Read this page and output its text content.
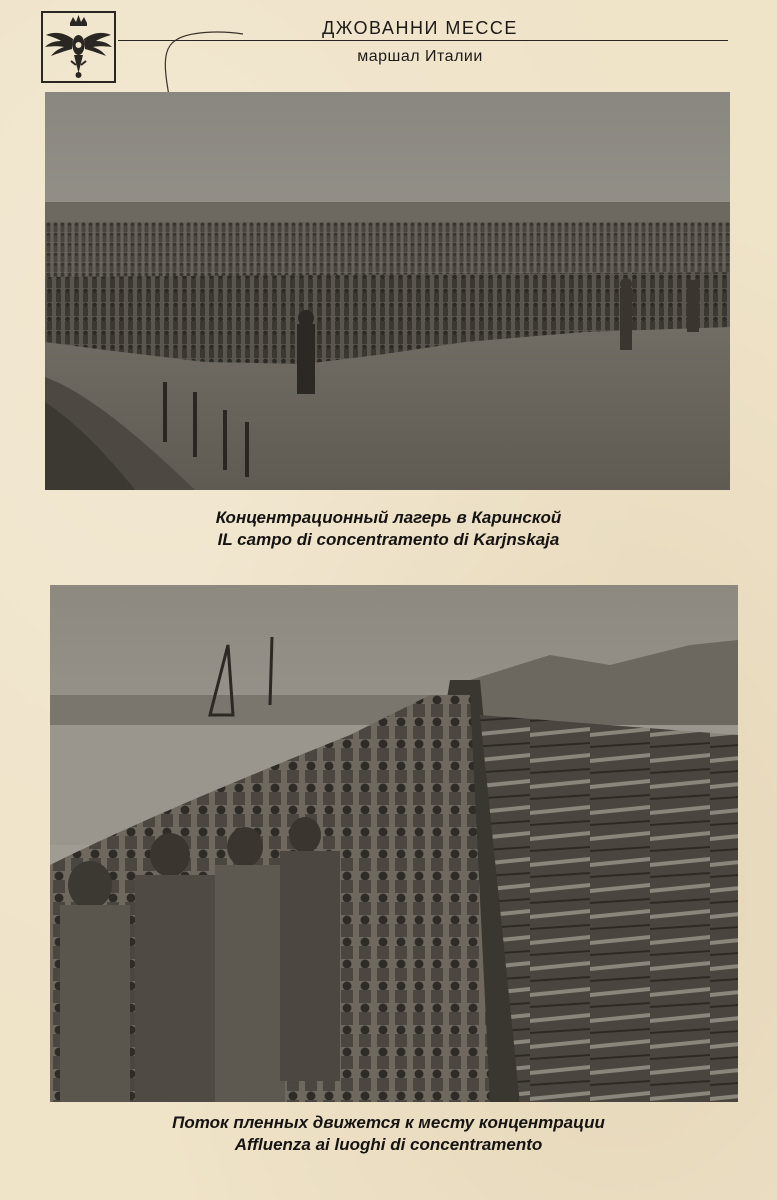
ДЖОВАННИ МЕССЕ
маршал Италии
Концентрационный лагерь в Каринской
IL campo di concentramento di Karjnskaja
Поток пленных движется к месту концентрации
Affluenza ai luoghi di concentramento
